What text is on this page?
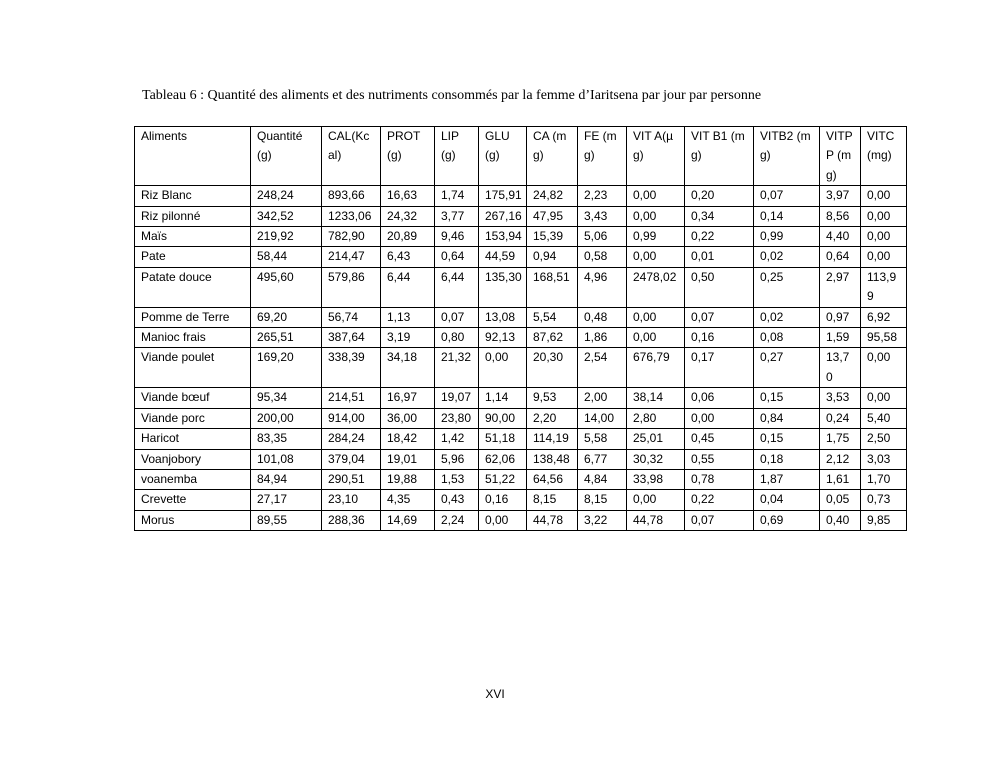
Tableau 6 : Quantité des aliments et des nutriments consommés par la femme d’Iaritsena par jour par personne
Aliments	Quantité (g)	CAL(Kcal)	PROT (g)	LIP (g)	GLU (g)	CA (mg)	FE (mg)	VIT A(µg)	VIT B1 (mg)	VITB2 (mg)	VITP P (mg)	VITC (mg)
Riz Blanc	248,24	893,66	16,63	1,74	175,91	24,82	2,23	0,00	0,20	0,07	3,97	0,00
Riz pilonné	342,52	1233,06	24,32	3,77	267,16	47,95	3,43	0,00	0,34	0,14	8,56	0,00
Maïs	219,92	782,90	20,89	9,46	153,94	15,39	5,06	0,99	0,22	0,99	4,40	0,00
Pate	58,44	214,47	6,43	0,64	44,59	0,94	0,58	0,00	0,01	0,02	0,64	0,00
Patate douce	495,60	579,86	6,44	6,44	135,30	168,51	4,96	2478,02	0,50	0,25	2,97	113,99
Pomme de Terre	69,20	56,74	1,13	0,07	13,08	5,54	0,48	0,00	0,07	0,02	0,97	6,92
Manioc frais	265,51	387,64	3,19	0,80	92,13	87,62	1,86	0,00	0,16	0,08	1,59	95,58
Viande poulet	169,20	338,39	34,18	21,32	0,00	20,30	2,54	676,79	0,17	0,27	13,70	0,00
Viande bœuf	95,34	214,51	16,97	19,07	1,14	9,53	2,00	38,14	0,06	0,15	3,53	0,00
Viande porc	200,00	914,00	36,00	23,80	90,00	2,20	14,00	2,80	0,00	0,84	0,24	5,40
Haricot	83,35	284,24	18,42	1,42	51,18	114,19	5,58	25,01	0,45	0,15	1,75	2,50
Voanjobory	101,08	379,04	19,01	5,96	62,06	138,48	6,77	30,32	0,55	0,18	2,12	3,03
voanemba	84,94	290,51	19,88	1,53	51,22	64,56	4,84	33,98	0,78	1,87	1,61	1,70
Crevette	27,17	23,10	4,35	0,43	0,16	8,15	8,15	0,00	0,22	0,04	0,05	0,73
Morus	89,55	288,36	14,69	2,24	0,00	44,78	3,22	44,78	0,07	0,69	0,40	9,85
XVI
